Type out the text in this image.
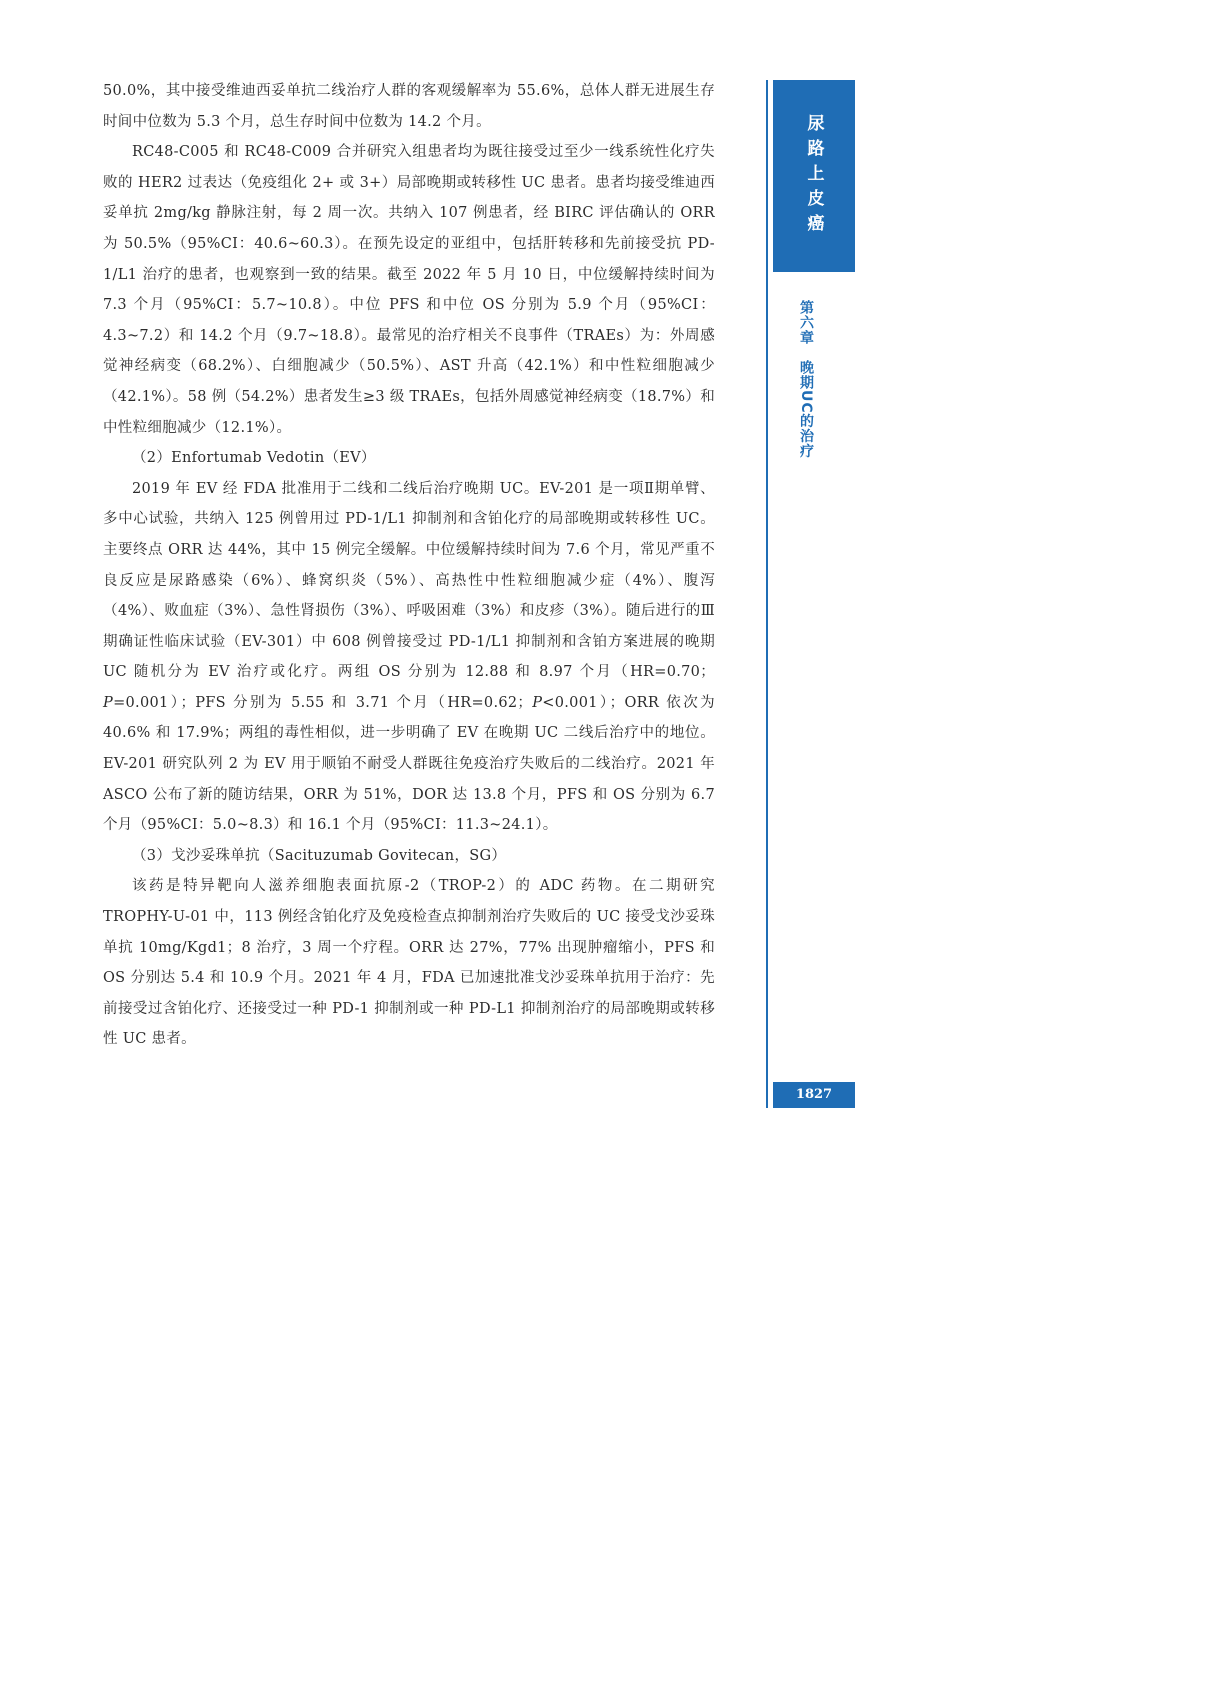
50.0%，其中接受维迪西妥单抗二线治疗人群的客观缓解率为 55.6%，总体人群无进展生存时间中位数为 5.3 个月，总生存时间中位数为 14.2 个月。

RC48-C005 和 RC48-C009 合并研究入组患者均为既往接受过至少一线系统性化疗失败的 HER2 过表达（免疫组化 2+ 或 3+）局部晚期或转移性 UC 患者。患者均接受维迪西妥单抗 2mg/kg 静脉注射，每 2 周一次。共纳入 107 例患者，经 BIRC 评估确认的 ORR 为 50.5%（95%CI：40.6~60.3）。在预先设定的亚组中，包括肝转移和先前接受抗 PD-1/L1 治疗的患者，也观察到一致的结果。截至 2022 年 5 月 10 日，中位缓解持续时间为 7.3 个月（95%CI：5.7~10.8）。中位 PFS 和中位 OS 分别为 5.9 个月（95%CI：4.3~7.2）和 14.2 个月（9.7~18.8）。最常见的治疗相关不良事件（TRAEs）为：外周感觉神经病变（68.2%）、白细胞减少（50.5%）、AST 升高（42.1%）和中性粒细胞减少（42.1%）。58 例（54.2%）患者发生≥3 级 TRAEs，包括外周感觉神经病变（18.7%）和中性粒细胞减少（12.1%）。

（2）Enfortumab Vedotin（EV）

2019 年 EV 经 FDA 批准用于二线和二线后治疗晚期 UC。EV-201 是一项Ⅱ期单臂、多中心试验，共纳入 125 例曾用过 PD-1/L1 抑制剂和含铂化疗的局部晚期或转移性 UC。主要终点 ORR 达 44%，其中 15 例完全缓解。中位缓解持续时间为 7.6 个月，常见严重不良反应是尿路感染（6%）、蜂窝织炎（5%）、高热性中性粒细胞减少症（4%）、腹泻（4%）、败血症（3%）、急性肾损伤（3%）、呼吸困难（3%）和皮疹（3%）。随后进行的Ⅲ期确证性临床试验（EV-301）中 608 例曾接受过 PD-1/L1 抑制剂和含铂方案进展的晚期 UC 随机分为 EV 治疗或化疗。两组 OS 分别为 12.88 和 8.97 个月（HR=0.70；P=0.001）；PFS 分别为 5.55 和 3.71 个月（HR=0.62；P<0.001）；ORR 依次为 40.6% 和 17.9%；两组的毒性相似，进一步明确了 EV 在晚期 UC 二线后治疗中的地位。EV-201 研究队列 2 为 EV 用于顺铂不耐受人群既往免疫治疗失败后的二线治疗。2021 年 ASCO 公布了新的随访结果，ORR 为 51%，DOR 达 13.8 个月，PFS 和 OS 分别为 6.7 个月（95%CI：5.0~8.3）和 16.1 个月（95%CI：11.3~24.1）。

（3）戈沙妥珠单抗（Sacituzumab Govitecan，SG）

该药是特异靶向人滋养细胞表面抗原-2（TROP-2）的 ADC 药物。在二期研究 TROPHY-U-01 中，113 例经含铂化疗及免疫检查点抑制剂治疗失败后的 UC 接受戈沙妥珠单抗 10mg/Kgd1；8 治疗，3 周一个疗程。ORR 达 27%，77% 出现肿瘤缩小，PFS 和 OS 分别达 5.4 和 10.9 个月。2021 年 4 月，FDA 已加速批准戈沙妥珠单抗用于治疗：先前接受过含铂化疗、还接受过一种 PD-1 抑制剂或一种 PD-L1 抑制剂治疗的局部晚期或转移性 UC 患者。

尿路上皮癌
第六章　晚期UC的治疗
1827
